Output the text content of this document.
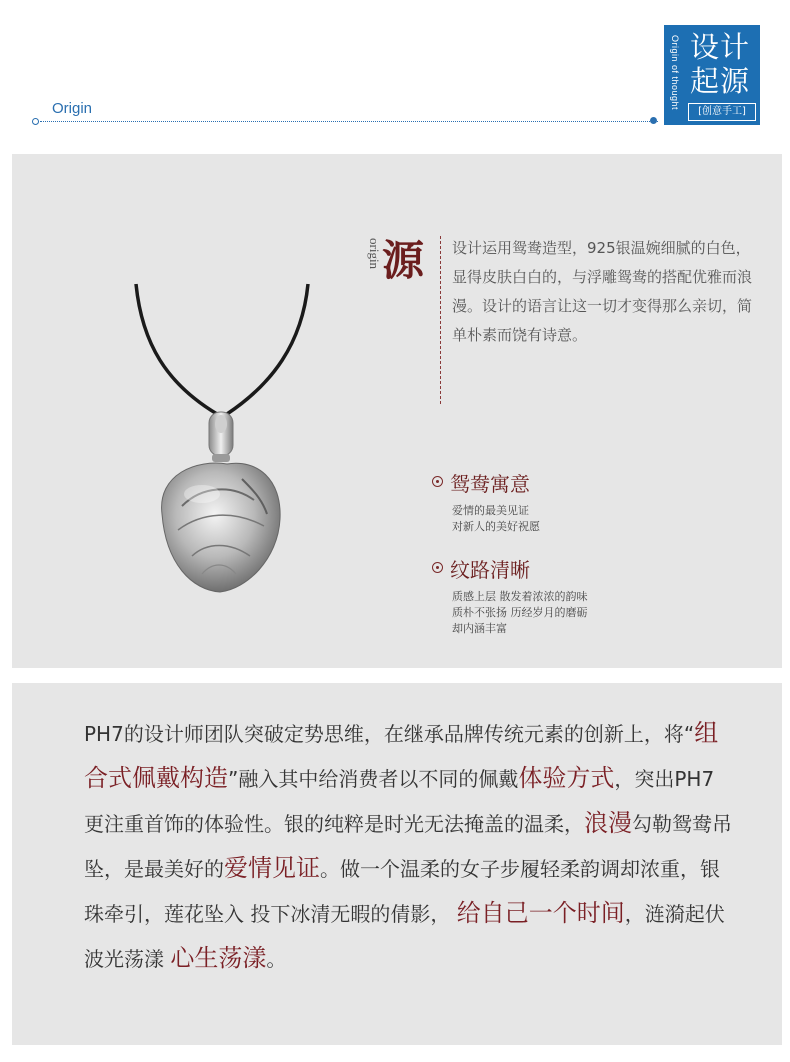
Origin	Origin of thought 设计
起源
[创意手工]
origin 源 设计运用鸳鸯造型，925银温婉细腻的白色，显得皮肤白白的，与浮雕鸳鸯的搭配优雅而浪漫。设计的语言让这一切才变得那么亲切，简单朴素而饶有诗意。

鸳鸯寓意
爱情的最美见证
对新人的美好祝愿
纹路清晰
质感上层 散发着浓浓的韵味
质朴不张扬 历经岁月的磨砺
却内涵丰富

PH7的设计师团队突破定势思维，在继承品牌传统元素的创新上，将“组合式佩戴构造”融入其中给消费者以不同的佩戴体验方式，突出PH7更注重首饰的体验性。银的纯粹是时光无法掩盖的温柔，浪漫勾勒鸳鸯吊坠，是最美好的爱情见证。做一个温柔的女子步履轻柔韵调却浓重，银珠牵引，莲花坠入 投下冰清无暇的倩影， 给自己一个时间，涟漪起伏 波光荡漾 心生荡漾。
